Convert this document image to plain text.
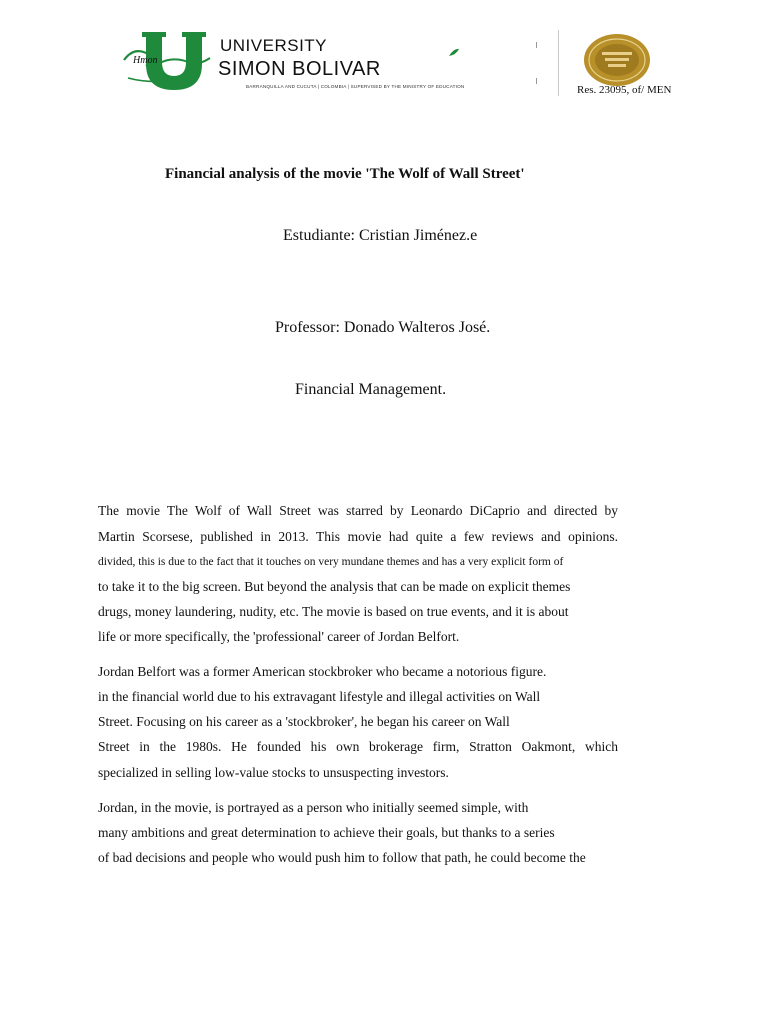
Hmon
UNIVERSITY
SIMON BOLIVAR
BARRANQUILLA AND CUCUTA | COLOMBIA | SUPERVISED BY THE MINISTRY OF EDUCATION	Res. 23095, of/ MEN
Financial analysis of the movie 'The Wolf of Wall Street'
Estudiante: Cristian Jiménez.e
Professor: Donado Walteros José.
Financial Management.
The movie The Wolf of Wall Street was starred by Leonardo DiCaprio and directed by
Martin Scorsese, published in 2013. This movie had quite a few reviews and opinions.
divided, this is due to the fact that it touches on very mundane themes and has a very explicit form of
to take it to the big screen. But beyond the analysis that can be made on explicit themes
drugs, money laundering, nudity, etc. The movie is based on true events, and it is about
life or more specifically, the 'professional' career of Jordan Belfort.
Jordan Belfort was a former American stockbroker who became a notorious figure.
in the financial world due to his extravagant lifestyle and illegal activities on Wall
Street. Focusing on his career as a 'stockbroker', he began his career on Wall
Street in the 1980s. He founded his own brokerage firm, Stratton Oakmont, which
specialized in selling low-value stocks to unsuspecting investors.
Jordan, in the movie, is portrayed as a person who initially seemed simple, with
many ambitions and great determination to achieve their goals, but thanks to a series
of bad decisions and people who would push him to follow that path, he could become the
